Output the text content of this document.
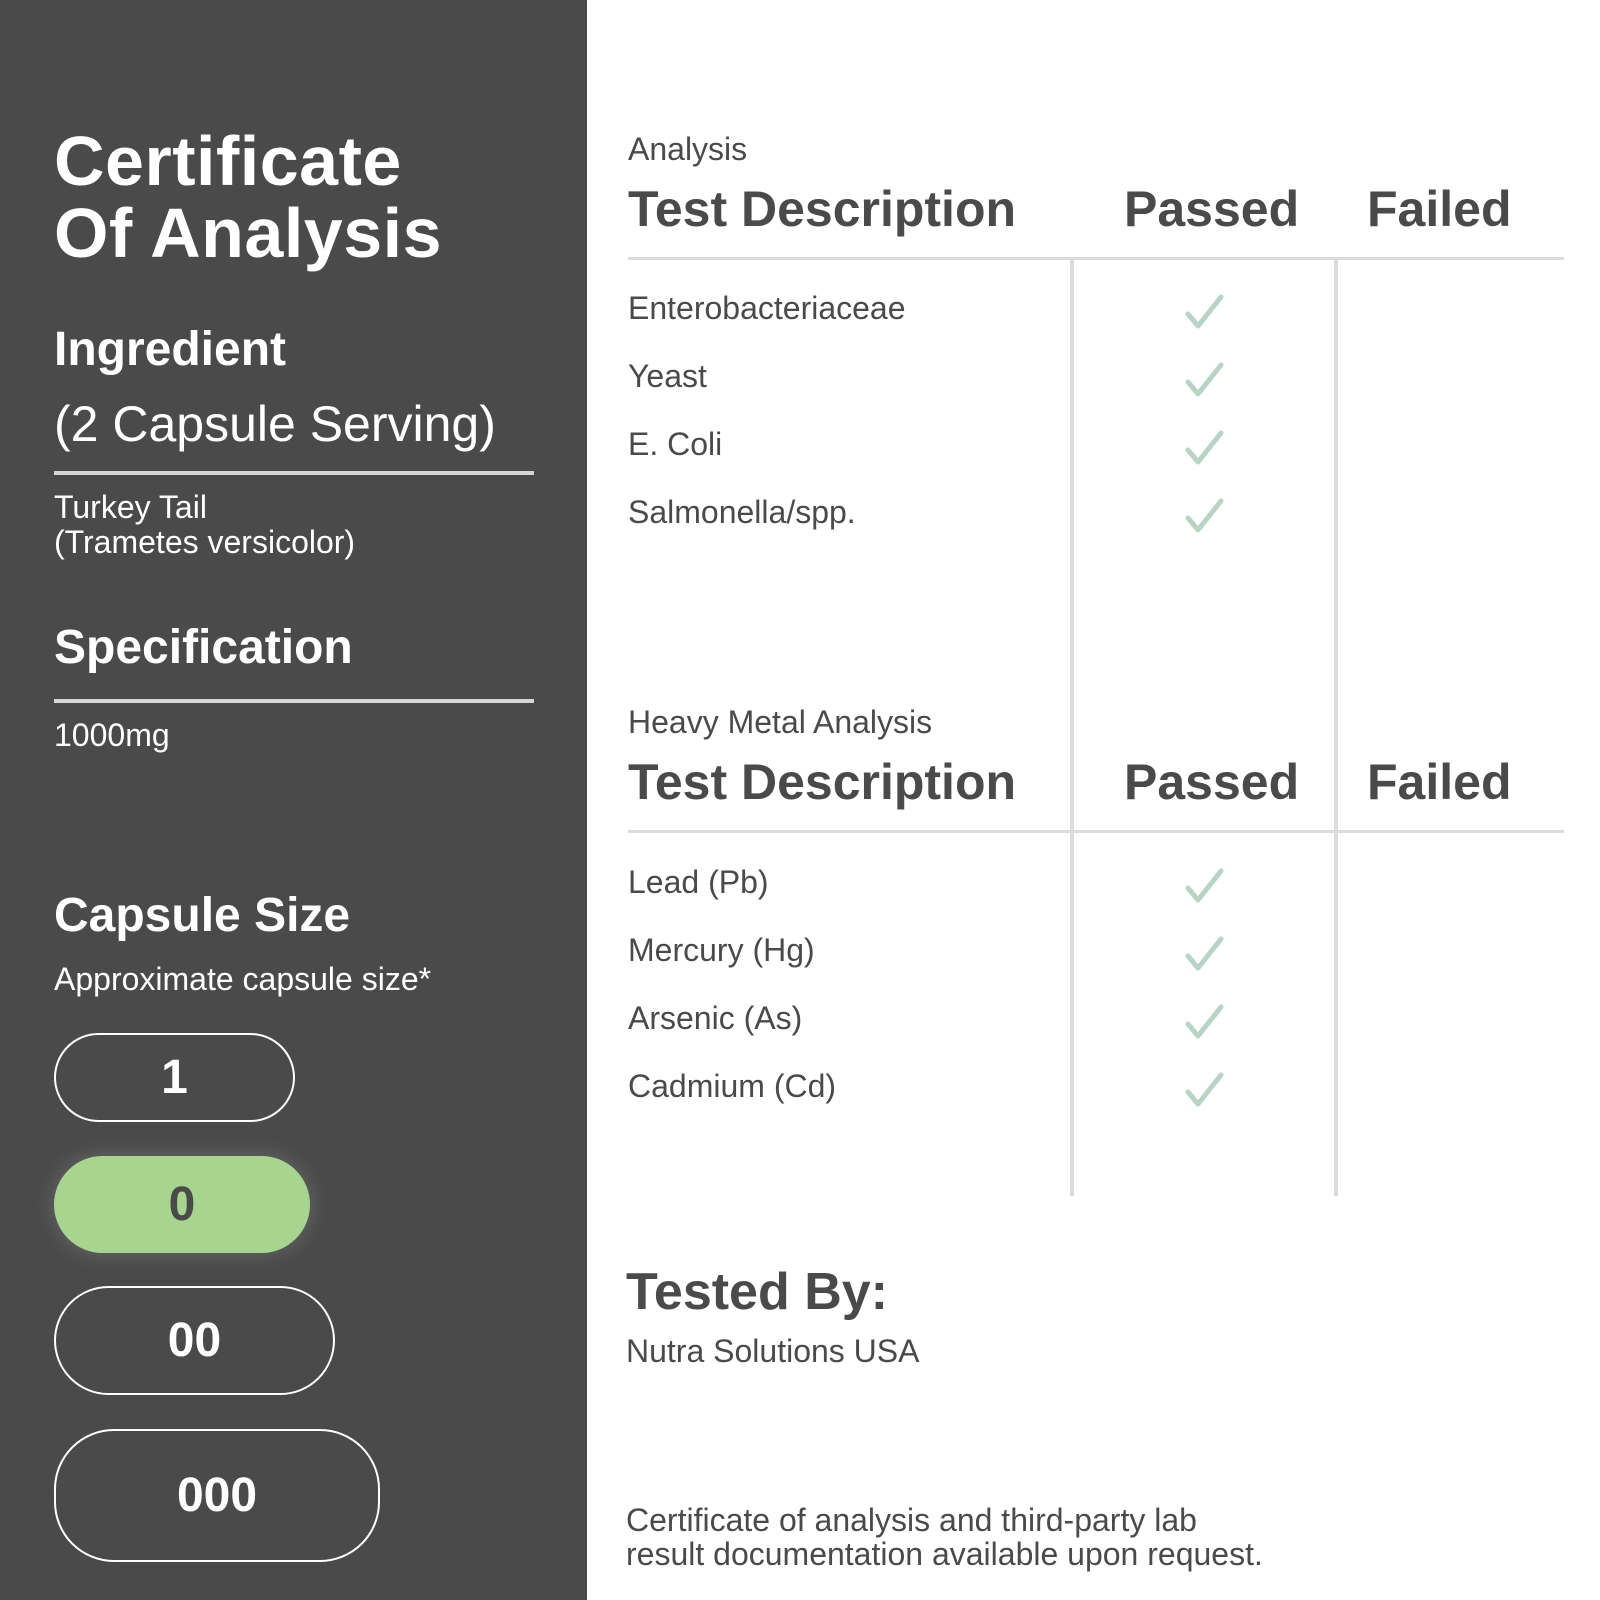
Certificate
Of Analysis
Ingredient
(2 Capsule Serving)
Turkey Tail
(Trametes versicolor)
Specification
1000mg
Capsule Size
Approximate capsule size*
1
0
00
000
Analysis
Test Description Passed Failed
Enterobacteriaceae
Yeast
E. Coli
Salmonella/spp.
Heavy Metal Analysis
Test Description Passed Failed
Lead (Pb)
Mercury (Hg)
Arsenic (As)
Cadmium (Cd)
Tested By:
Nutra Solutions USA
Certificate of analysis and third-party lab
result documentation available upon request.
